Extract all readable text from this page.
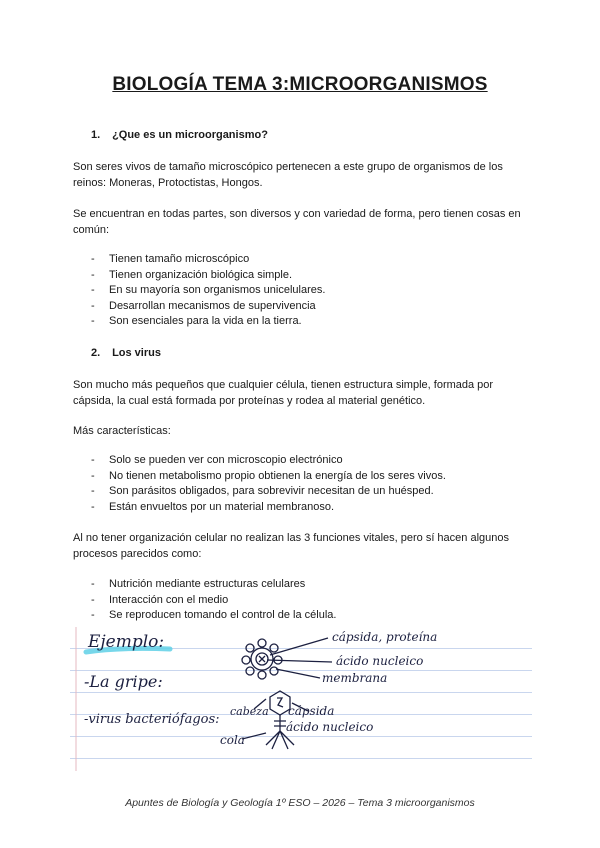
BIOLOGÍA TEMA 3:MICROORGANISMOS
1. ¿Que es un microorganismo?
Son seres vivos de tamaño microscópico pertenecen a este grupo de organismos de los reinos: Moneras, Protoctistas, Hongos.
Se encuentran en todas partes, son diversos y con variedad de forma, pero tienen cosas en común:
- Tienen tamaño microscópico
- Tienen organización biológica simple.
- En su mayoría son organismos unicelulares.
- Desarrollan mecanismos de supervivencia
- Son esenciales para la vida en la tierra.
2. Los virus
Son mucho más pequeños que cualquier célula, tienen estructura simple, formada por cápsida, la cual está formada por proteínas y rodea al material genético.
Más características:
- Solo se pueden ver con microscopio electrónico
- No tienen metabolismo propio obtienen la energía de los seres vivos.
- Son parásitos obligados, para sobrevivir necesitan de un huésped.
- Están envueltos por un material membranoso.
Al no tener organización celular no realizan las 3 funciones vitales, pero sí hacen algunos procesos parecidos como:
- Nutrición mediante estructuras celulares
- Interacción con el medio
- Se reproducen tomando el control de la célula.
Ejemplo:
-La gripe:
-virus bacteriófagos:
cápsida, proteína
ácido nucleico
membrana
cabeza cápsida
ácido nucleico
cola
Apuntes de Biología y Geología 1º ESO – 2026 – Tema 3 microorganismos
